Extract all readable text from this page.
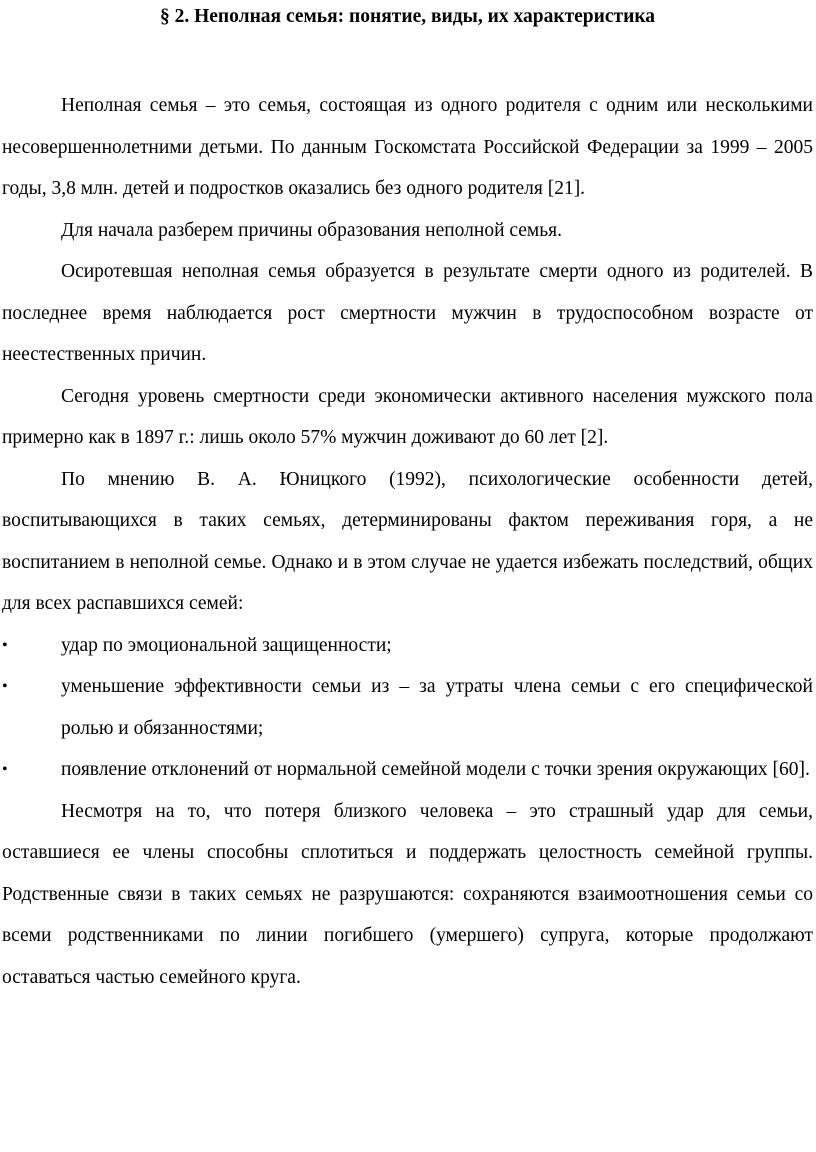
§ 2. Неполная семья: понятие, виды, их характеристика

Неполная семья – это семья, состоящая из одного родителя с одним или несколькими несовершеннолетними детьми. По данным Госкомстата Российской Федерации за 1999 – 2005 годы, 3,8 млн. детей и подростков оказались без одного родителя [21].

Для начала разберем причины образования неполной семья.

Осиротевшая неполная семья образуется в результате смерти одного из родителей. В последнее время наблюдается рост смертности мужчин в трудоспособном возрасте от неестественных причин.

Сегодня уровень смертности среди экономически активного населения мужского пола примерно как в 1897 г.: лишь около 57% мужчин доживают до 60 лет [2].

По мнению В. А. Юницкого (1992), психологические особенности детей, воспитывающихся в таких семьях, детерминированы фактом переживания горя, а не воспитанием в неполной семье. Однако и в этом случае не удается избежать последствий, общих для всех распавшихся семей:

•	удар по эмоциональной защищенности;
•	уменьшение эффективности семьи из – за утраты члена семьи с его специфической ролью и обязанностями;
•	появление отклонений от нормальной семейной модели с точки зрения окружающих [60].

Несмотря на то, что потеря близкого человека – это страшный удар для семьи, оставшиеся ее члены способны сплотиться и поддержать целостность семейной группы. Родственные связи в таких семьях не разрушаются: сохраняются взаимоотношения семьи со всеми родственниками по линии погибшего (умершего) супруга, которые продолжают оставаться частью семейного круга.
